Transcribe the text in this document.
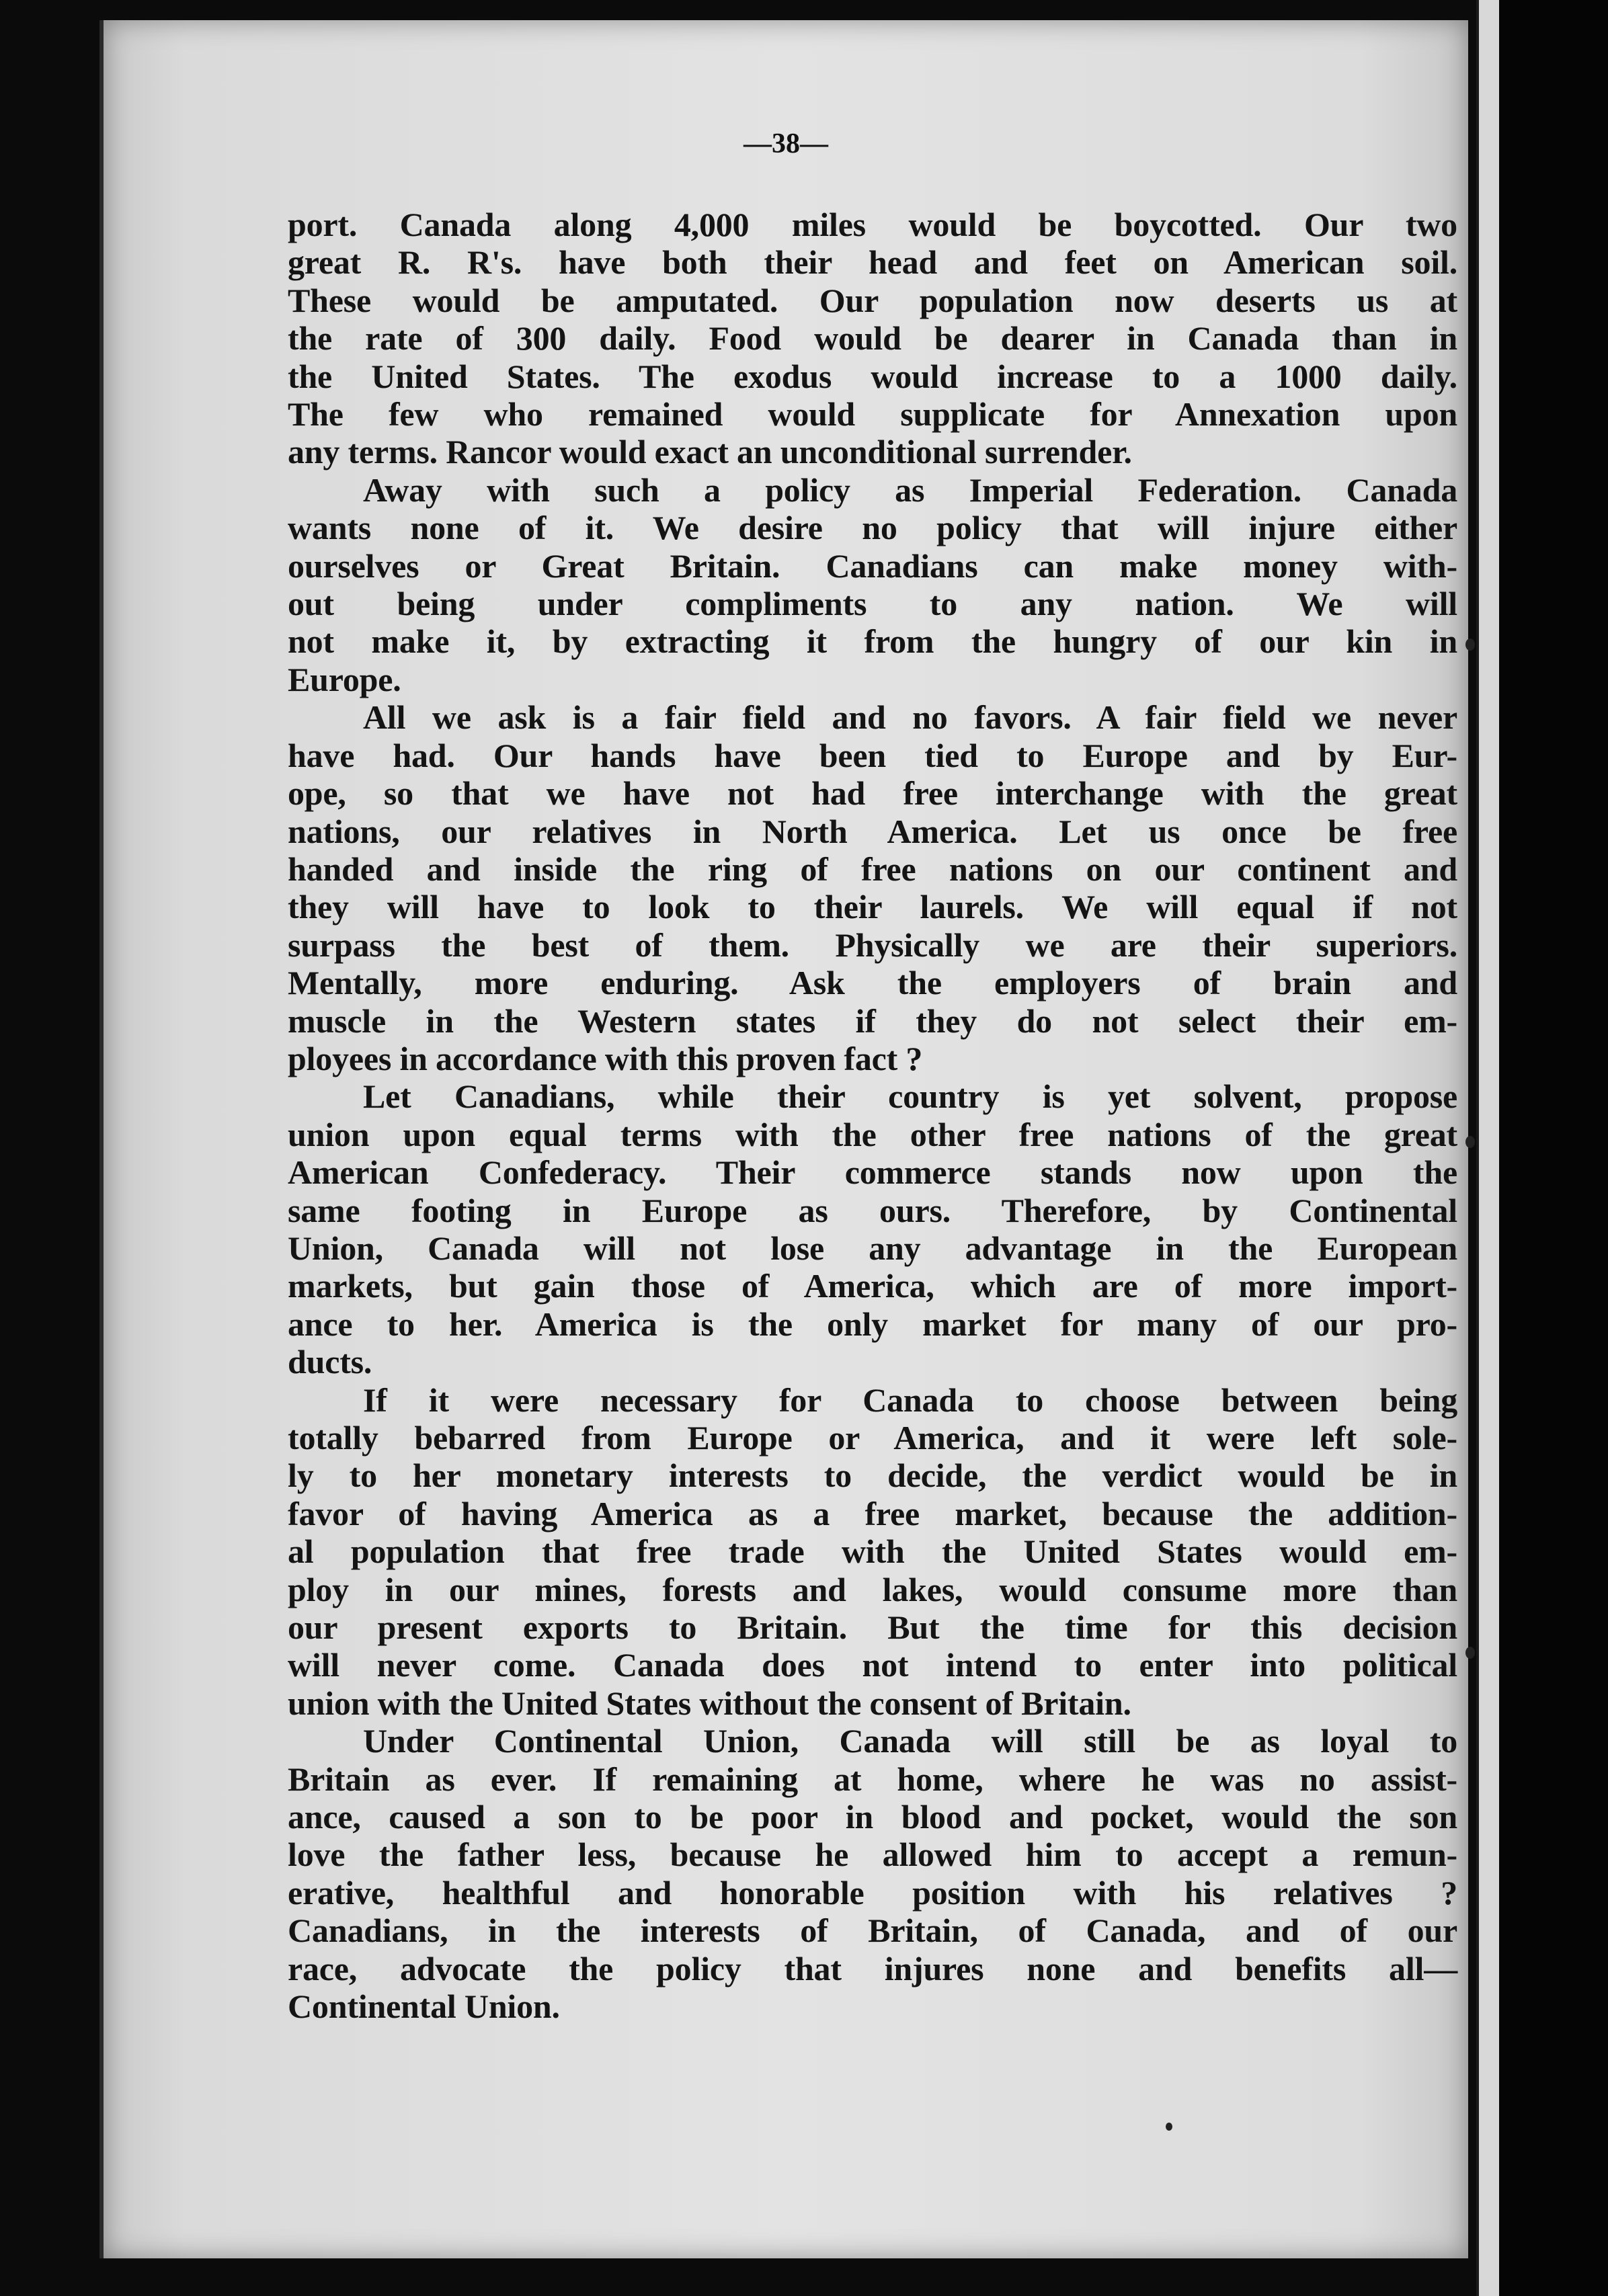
—38—
port. Canada along 4,000 miles would be boycotted. Our two
great R. R's. have both their head and feet on American soil.
These would be amputated. Our population now deserts us at
the rate of 300 daily. Food would be dearer in Canada than in
the United States. The exodus would increase to a 1000 daily.
The few who remained would supplicate for Annexation upon
any terms. Rancor would exact an unconditional surrender.
Away with such a policy as Imperial Federation. Canada
wants none of it. We desire no policy that will injure either
ourselves or Great Britain. Canadians can make money with-
out being under compliments to any nation. We will
not make it, by extracting it from the hungry of our kin in
Europe.
All we ask is a fair field and no favors. A fair field we never
have had. Our hands have been tied to Europe and by Eur-
ope, so that we have not had free interchange with the great
nations, our relatives in North America. Let us once be free
handed and inside the ring of free nations on our continent and
they will have to look to their laurels. We will equal if not
surpass the best of them. Physically we are their superiors.
Mentally, more enduring. Ask the employers of brain and
muscle in the Western states if they do not select their em-
ployees in accordance with this proven fact ?
Let Canadians, while their country is yet solvent, propose
union upon equal terms with the other free nations of the great
American Confederacy. Their commerce stands now upon the
same footing in Europe as ours. Therefore, by Continental
Union, Canada will not lose any advantage in the European
markets, but gain those of America, which are of more import-
ance to her. America is the only market for many of our pro-
ducts.
If it were necessary for Canada to choose between being
totally bebarred from Europe or America, and it were left sole-
ly to her monetary interests to decide, the verdict would be in
favor of having America as a free market, because the addition-
al population that free trade with the United States would em-
ploy in our mines, forests and lakes, would consume more than
our present exports to Britain. But the time for this decision
will never come. Canada does not intend to enter into political
union with the United States without the consent of Britain.
Under Continental Union, Canada will still be as loyal to
Britain as ever. If remaining at home, where he was no assist-
ance, caused a son to be poor in blood and pocket, would the son
love the father less, because he allowed him to accept a remun-
erative, healthful and honorable position with his relatives ?
Canadians, in the interests of Britain, of Canada, and of our
race, advocate the policy that injures none and benefits all—
Continental Union.
